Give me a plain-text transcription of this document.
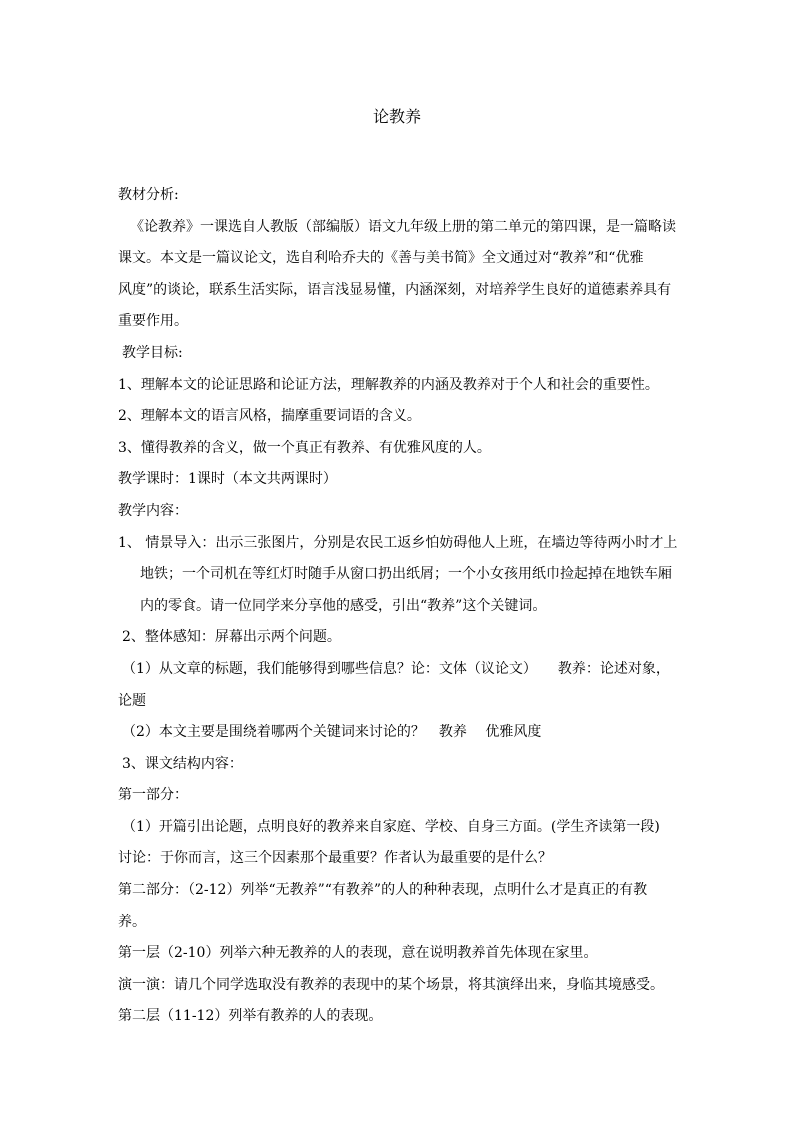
论教养

教材分析:

《论教养》一课选自人教版（部编版）语文九年级上册的第二单元的第四课，是一篇略读

课文。本文是一篇议论文，选自利哈乔夫的《善与美书简》全文通过对“教养”和“优雅

风度”的谈论，联系生活实际，语言浅显易懂，内涵深刻，对培养学生良好的道德素养具有

重要作用。

教学目标:

1、理解本文的论证思路和论证方法，理解教养的内涵及教养对于个人和社会的重要性。

2、理解本文的语言风格，揣摩重要词语的含义。

3、懂得教养的含义，做一个真正有教养、有优雅风度的人。

教学课时：1课时（本文共两课时）

教学内容：

1、 情景导入：出示三张图片，分别是农民工返乡怕妨碍他人上班，在墙边等待两小时才上

地铁；一个司机在等红灯时随手从窗口扔出纸屑；一个小女孩用纸巾捡起掉在地铁车厢

内的零食。请一位同学来分享他的感受，引出“教养”这个关键词。

2、整体感知：屏幕出示两个问题。

（1）从文章的标题，我们能够得到哪些信息？论：文体（议论文）　　教养：论述对象，

论题

（2）本文主要是围绕着哪两个关键词来讨论的？　教养　 优雅风度

3、课文结构内容：

第一部分：

（1）开篇引出论题，点明良好的教养来自家庭、学校、自身三方面。(学生齐读第一段)

讨论：于你而言，这三个因素那个最重要？作者认为最重要的是什么？

第二部分：（2-12）列举“无教养”“有教养”的人的种种表现，点明什么才是真正的有教

养。

第一层（2-10）列举六种无教养的人的表现，意在说明教养首先体现在家里。

演一演：请几个同学选取没有教养的表现中的某个场景，将其演绎出来，身临其境感受。

第二层（11-12）列举有教养的人的表现。
